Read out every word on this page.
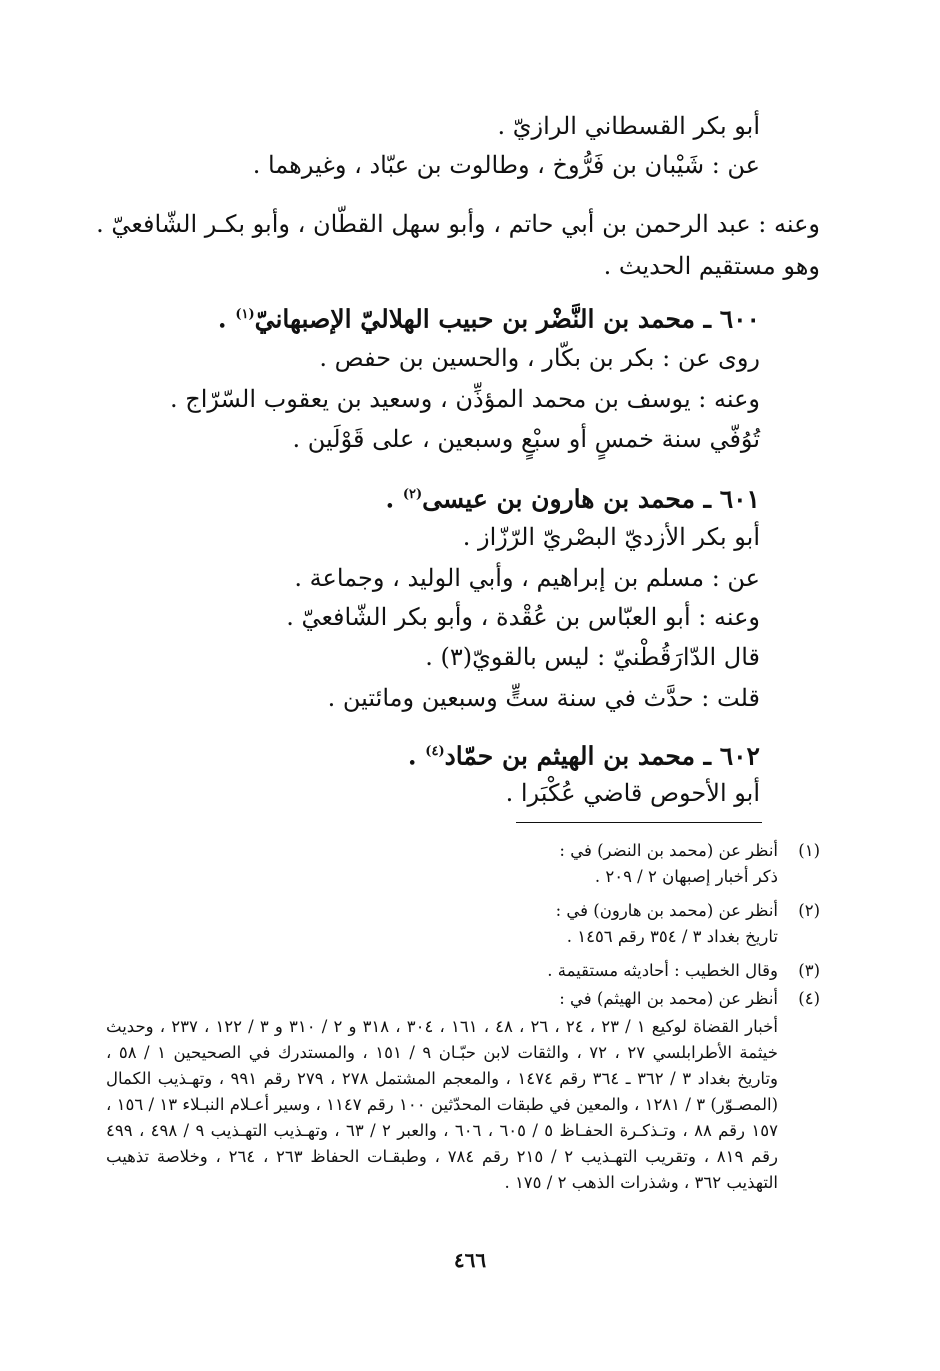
أبو بكر القسطاني الرازيّ .
عن : شَيْبان بن فَرُّوخ ، وطالوت بن عبّاد ، وغيرهما .
وعنه : عبد الرحمن بن أبي حاتم ، وأبو سهل القطّان ، وأبو بكـر الشّافعيّ .
وهو مستقيم الحديث .
٦٠٠ ـ محمد بن النَّضْر بن حبيب الهلاليّ الإصبهانيّ$^{(١)}$ .
روى عن : بكر بن بكّار ، والحسين بن حفص .
وعنه : يوسف بن محمد المؤذِّن ، وسعيد بن يعقوب السّرّاج .
تُوُفّي سنة خمسٍ أو سبْعٍ وسبعين ، على قَوْلَين .
٦٠١ ـ محمد بن هارون بن عيسى$^{(٢)}$ .
أبو بكر الأزديّ البصْريّ الرّزّاز .
عن : مسلم بن إبراهيم ، وأبي الوليد ، وجماعة .
وعنه : أبو العبّاس بن عُقْدة ، وأبو بكر الشّافعيّ .
قال الدّارَقُطْنيّ : ليس بالقويّ(٣) .
قلت : حدَّث في سنة ستٍّ وسبعين ومائتين .
٦٠٢ ـ محمد بن الهيثم بن حمّاد$^{(٤)}$ .
أبو الأحوص قاضي عُكْبَرا .
(١)
أنظر عن (محمد بن النضر) في :
ذكر أخبار إصبهان ٢ / ٢٠٩ .
(٢)
أنظر عن (محمد بن هارون) في :
تاريخ بغداد ٣ / ٣٥٤ رقم ١٤٥٦ .
(٣)
وقال الخطيب : أحاديثه مستقيمة .
(٤)
أنظر عن (محمد بن الهيثم) في :
أخبار القضاة لوكيع ١ / ٢٣ ، ٢٤ ، ٢٦ ، ٤٨ ، ١٦١ ، ٣٠٤ ، ٣١٨ و ٢ / ٣١٠ و ٣ / ١٢٢ ، ٢٣٧ ، وحديث خيثمة الأطرابلسي ٢٧ ، ٧٢ ، والثقات لابن حبّـان ٩ / ١٥١ ، والمستدرك في الصحيحين ١ / ٥٨ ، وتاريخ بغداد ٣ / ٣٦٢ ـ ٣٦٤ رقم ١٤٧٤ ، والمعجم المشتمل ٢٧٨ ، ٢٧٩ رقم ٩٩١ ، وتهـذيب الكمال (المصـوّر) ٣ / ١٢٨١ ، والمعين في طبقات المحدّثين ١٠٠ رقم ١١٤٧ ، وسير أعـلام النبـلاء ١٣ / ١٥٦ ، ١٥٧ رقم ٨٨ ، وتـذكـرة الحفـاظ ٥ / ٦٠٥ ، ٦٠٦ ، والعبر ٢ / ٦٣ ، وتهـذيب التهـذيب ٩ / ٤٩٨ ، ٤٩٩ رقم ٨١٩ ، وتقريب التهـذيب ٢ / ٢١٥ رقم ٧٨٤ ، وطبقـات الحفاظ ٢٦٣ ، ٢٦٤ ، وخلاصة تذهيب التهذيب ٣٦٢ ، وشذرات الذهب ٢ / ١٧٥ .
٤٦٦
